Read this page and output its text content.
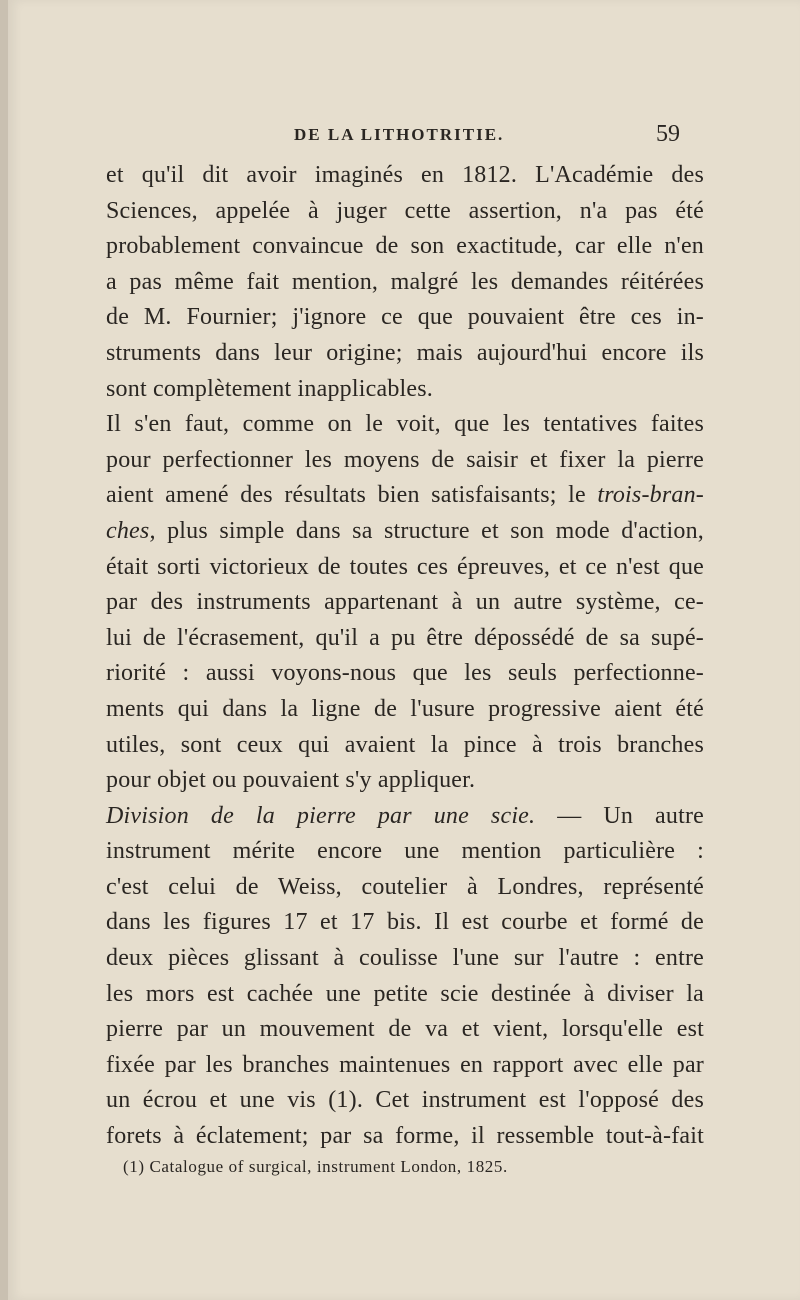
DE LA LITHOTRITIE.	59
et qu'il dit avoir imaginés en 1812. L'Académie des
Sciences, appelée à juger cette assertion, n'a pas été
probablement convaincue de son exactitude, car elle n'en
a pas même fait mention, malgré les demandes réitérées
de M. Fournier; j'ignore ce que pouvaient être ces in-
struments dans leur origine; mais aujourd'hui encore ils
sont complètement inapplicables.
Il s'en faut, comme on le voit, que les tentatives faites
pour perfectionner les moyens de saisir et fixer la pierre
aient amené des résultats bien satisfaisants; le trois-bran-
ches, plus simple dans sa structure et son mode d'action,
était sorti victorieux de toutes ces épreuves, et ce n'est que
par des instruments appartenant à un autre système, ce-
lui de l'écrasement, qu'il a pu être dépossédé de sa supé-
riorité : aussi voyons-nous que les seuls perfectionne-
ments qui dans la ligne de l'usure progressive aient été
utiles, sont ceux qui avaient la pince à trois branches
pour objet ou pouvaient s'y appliquer.
Division de la pierre par une scie. — Un autre
instrument mérite encore une mention particulière :
c'est celui de Weiss, coutelier à Londres, représenté
dans les figures 17 et 17 bis. Il est courbe et formé de
deux pièces glissant à coulisse l'une sur l'autre : entre
les mors est cachée une petite scie destinée à diviser la
pierre par un mouvement de va et vient, lorsqu'elle est
fixée par les branches maintenues en rapport avec elle par
un écrou et une vis (1). Cet instrument est l'opposé des
forets à éclatement; par sa forme, il ressemble tout-à-fait
(1) Catalogue of surgical, instrument London, 1825.
